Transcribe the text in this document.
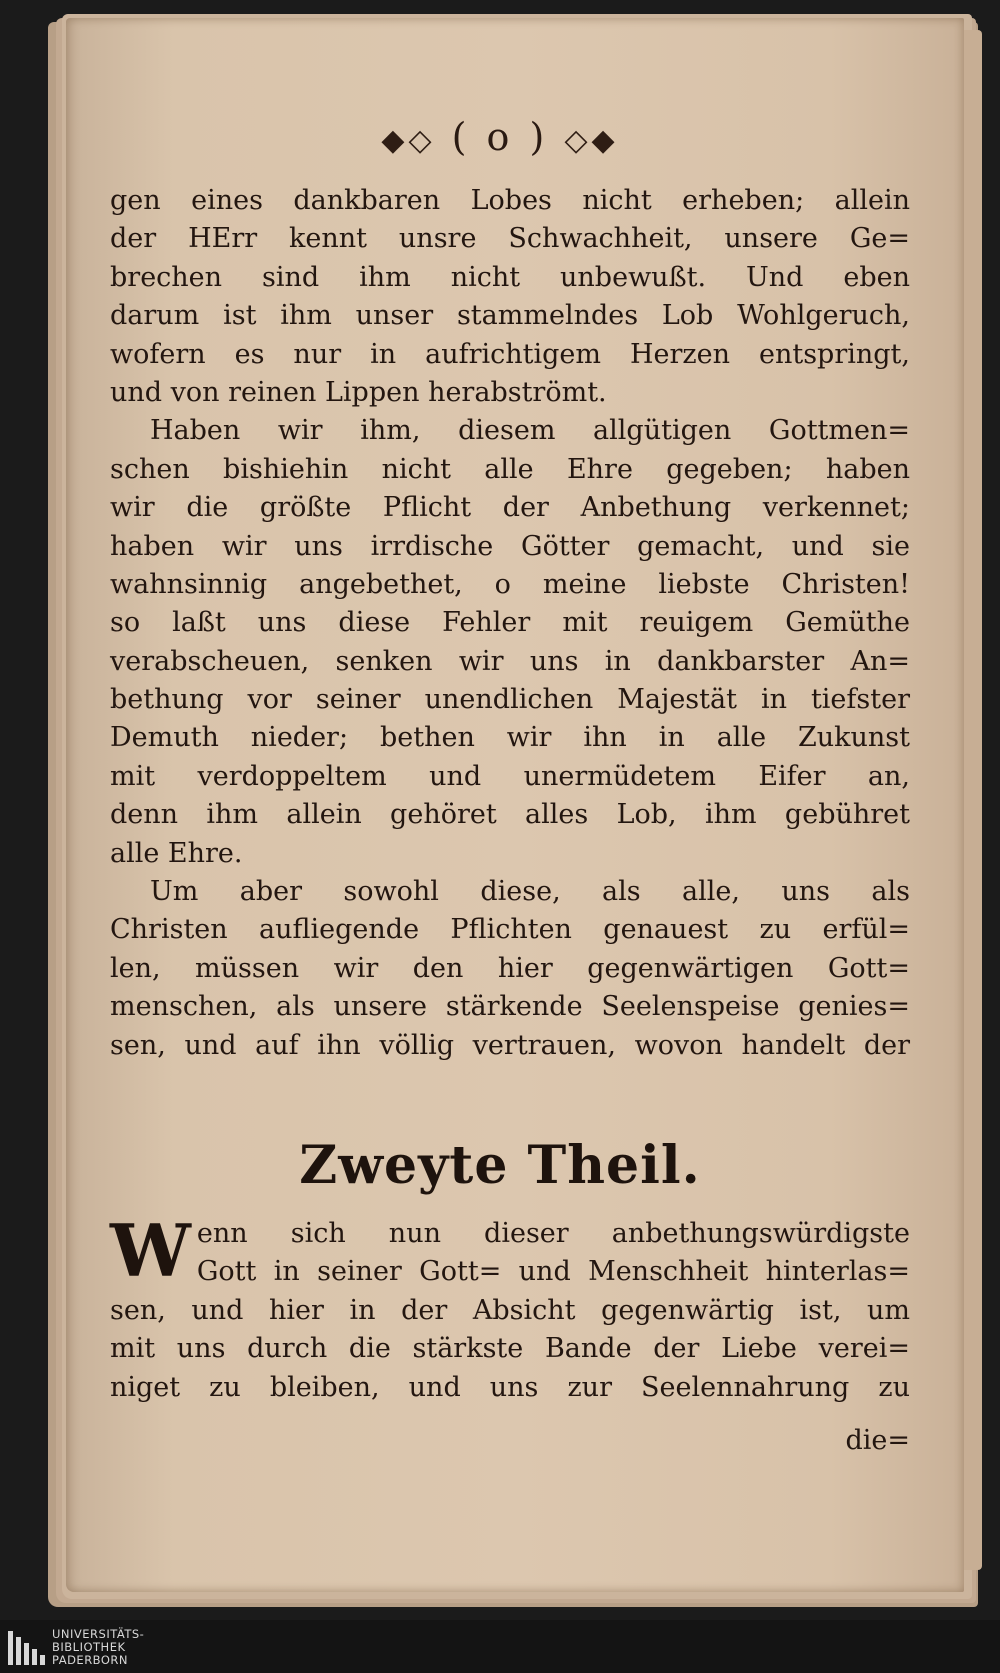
◆◇ ( o ) ◇◆
gen eines dankbaren Lobes nicht erheben; allein
der HErr kennt unsre Schwachheit, unsere Ge=
brechen sind ihm nicht unbewußt. Und eben
darum ist ihm unser stammelndes Lob Wohlgeruch,
wofern es nur in aufrichtigem Herzen entspringt,
und von reinen Lippen herabströmt.
Haben wir ihm, diesem allgütigen Gottmen=
schen bishiehin nicht alle Ehre gegeben; haben
wir die größte Pflicht der Anbethung verkennet;
haben wir uns irrdische Götter gemacht, und sie
wahnsinnig angebethet, o meine liebste Christen!
so laßt uns diese Fehler mit reuigem Gemüthe
verabscheuen, senken wir uns in dankbarster An=
bethung vor seiner unendlichen Majestät in tiefster
Demuth nieder; bethen wir ihn in alle Zukunst
mit verdoppeltem und unermüdetem Eifer an,
denn ihm allein gehöret alles Lob, ihm gebühret
alle Ehre.
Um aber sowohl diese, als alle, uns als
Christen aufliegende Pflichten genauest zu erfül=
len, müssen wir den hier gegenwärtigen Gott=
menschen, als unsere stärkende Seelenspeise genies=
sen, und auf ihn völlig vertrauen, wovon handelt der
Zweyte Theil.
W enn sich nun dieser anbethungswürdigste
Gott in seiner Gott= und Menschheit hinterlas=
sen, und hier in der Absicht gegenwärtig ist, um
mit uns durch die stärkste Bande der Liebe verei=
niget zu bleiben, und uns zur Seelennahrung zu
die=
UNIVERSITÄTS-
BIBLIOTHEK
PADERBORN
